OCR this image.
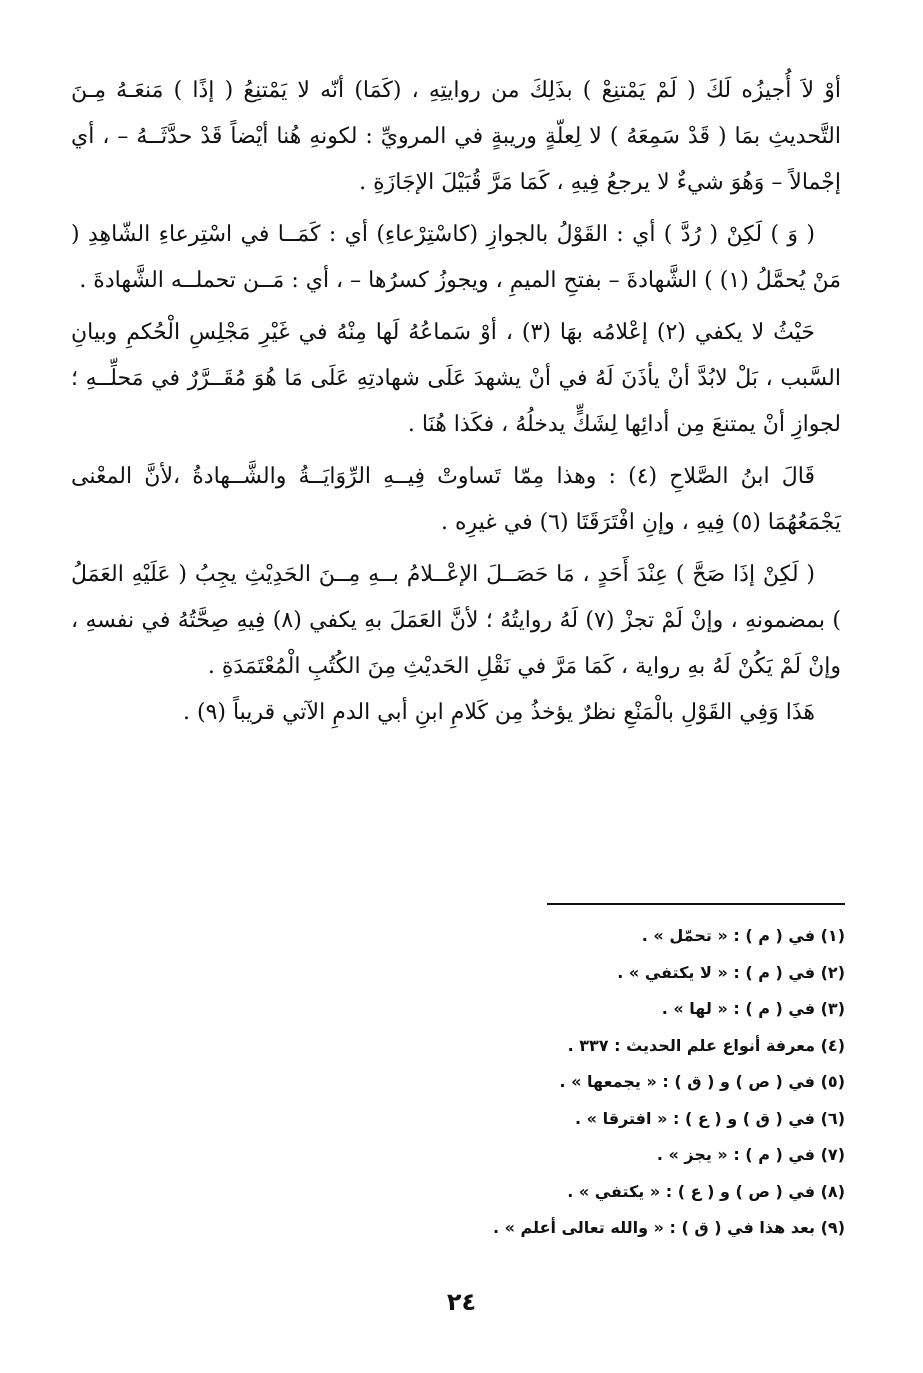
أوْ لاَ أُجيزُه لَكَ ( لَمْ يَمْتنِعْ ) بذَلِكَ من روايتِهِ ، (كَمَا) أنّه لا يَمْتنِعُ ( إذًا ) مَنعَـهُ مِـنَ التَّحديثِ بمَا ( قَدْ سَمِعَهُ ) لا لِعلّةٍ وريبةٍ في المرويِّ : لكونهِ هُنا أيْضاً قَدْ حدَّثَــهُ – ، أي إجْمالاً – وَهُوَ شيءٌ لا يرجعُ فِيهِ ، كَمَا مَرَّ قُبَيْلَ الإجَازَةِ .

( وَ ) لَكِنْ ( رُدَّ ) أي : القَوْلُ بالجوازِ (كاسْتِرْعاءِ) أي : كَمَــا في اسْتِرعاءِ الشّاهِدِ ( مَنْ يُحمَّلُ (١) ) الشَّهادةَ – بفتحِ الميمِ ، ويجوزُ كسرُها – ، أي : مَــن تحملــه الشَّهادةَ .

حَيْثُ لا يكفي (٢) إعْلامُه بهَا (٣) ، أوْ سَماعُهُ لَها مِنْهُ في غَيْرِ مَجْلِسِ الْحُكمِ وبيانِ السَّبب ، بَلْ لابُدَّ أنْ يأذَنَ لَهُ في أنْ يشهدَ عَلَى شهادتِهِ عَلَى مَا هُوَ مُقَــرَّرٌ في مَحلِّــهِ ؛ لجوازِ أنْ يمتنعَ مِن أدائِها لِشَكٍّ يدخلُهُ ، فكَذا هُنَا .

قَالَ ابنُ الصَّلاحِ (٤) : وهذا مِمّا تَساوتْ فِيــهِ الرِّوَايَــةُ والشَّــهادةُ ،لأنَّ المعْنى يَجْمَعُهُمَا (٥) فِيهِ ، وإنِ افْتَرَقَتَا (٦) في غيرِه .

( لَكِنْ إذَا صَحَّ ) عِنْدَ أَحَدٍ ، مَا حَصَــلَ الإعْــلامُ بــهِ مِــنَ الحَدِيْثِ يجِبُ ( عَلَيْهِ العَمَلُ ) بمضمونهِ ، وإنْ لَمْ تجزْ (٧) لَهُ روايتُهُ ؛ لأنَّ العَمَلَ بهِ يكفي (٨) فِيهِ صِحَّتُهُ في نفسهِ ، وإنْ لَمْ يَكُنْ لَهُ بهِ رواية ، كَمَا مَرَّ في نَقْلِ الحَديْثِ مِنَ الكُتُبِ الْمُعْتَمَدَةِ .

هَذَا وَفِي القَوْلِ بالْمَنْعِ نظرٌ يؤخذُ مِن كَلامِ ابنِ أبي الدمِ الآتي قريباً (٩) .

(١) في ( م ) : « تحمّل » .

(٢) في ( م ) : « لا يكتفي » .

(٣) في ( م ) : « لها » .

(٤) معرفة أنواع علم الحديث : ٣٣٧ .

(٥) في ( ص ) و ( ق ) : « يجمعها » .

(٦) في ( ق ) و ( ع ) : « افترقا » .

(٧) في ( م ) : « يجز » .

(٨) في ( ص ) و ( ع ) : « يكتفي » .

(٩) بعد هذا في ( ق ) : « والله تعالى أعلم » .

٢٤
